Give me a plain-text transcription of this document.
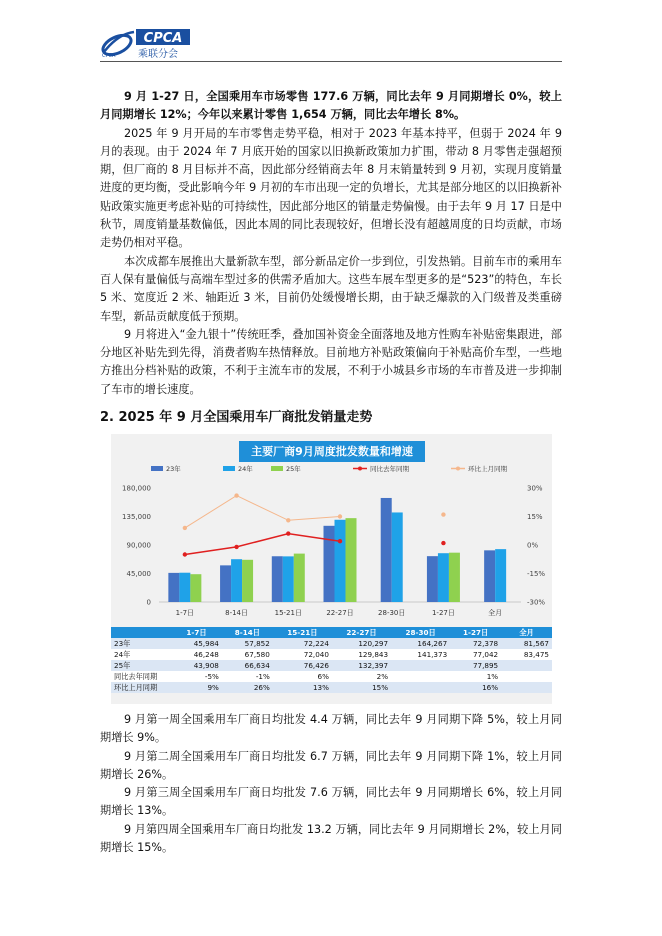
CPCA
CPCA
乘联分会

9 月 1-27 日，全国乘用车市场零售 177.6 万辆，同比去年 9 月同期增长 0%，较上月同期增长 12%；今年以来累计零售 1,654 万辆，同比去年增长 8%。

2025 年 9 月开局的车市零售走势平稳，相对于 2023 年基本持平，但弱于 2024 年 9 月的表现。由于 2024 年 7 月底开始的国家以旧换新政策加力扩围，带动 8 月零售走强超预期，但厂商的 8 月目标并不高，因此部分经销商去年 8 月末销量转到 9 月初，实现月度销量进度的更均衡，受此影响今年 9 月初的车市出现一定的负增长，尤其是部分地区的以旧换新补贴政策实施更考虑补贴的可持续性，因此部分地区的销量走势偏慢。由于去年 9 月 17 日是中秋节，周度销量基数偏低，因此本周的同比表现较好，但增长没有超越周度的日均贡献，市场走势仍相对平稳。

本次成都车展推出大量新款车型，部分新品定价一步到位，引发热销。目前车市的乘用车百人保有量偏低与高端车型过多的供需矛盾加大。这些车展车型更多的是“523”的特色，车长 5 米、宽度近 2 米、轴距近 3 米，目前仍处缓慢增长期，由于缺乏爆款的入门级普及类重磅车型，新品贡献度低于预期。

9 月将进入“金九银十”传统旺季，叠加国补资金全面落地及地方性购车补贴密集跟进，部分地区补贴先到先得，消费者购车热情释放。目前地方补贴政策偏向于补贴高价车型，一些地方推出分档补贴的政策，不利于主流车市的发展，不利于小城县乡市场的车市普及进一步抑制了车市的增长速度。

2. 2025 年 9 月全国乘用车厂商批发销量走势
23年	24年	25年	同比去年同期	环比上月同期
0
45,000
90,000
135,000
180,000
-30%
-15%
0%
15%
30%
1-7日	8-14日	15-21日	22-27日	28-30日	1-27日	全月
主要厂商9月周度批发数量和增速
	1-7日	8-14日	15-21日	22-27日	28-30日	1-27日	全月
23年	45,984	57,852	72,224	120,297	164,267	72,378	81,567
24年	46,248	67,580	72,040	129,843	141,373	77,042	83,475
25年	43,908	66,634	76,426	132,397		77,895	
同比去年同期	-5%	-1%	6%	2%		1%	
环比上月同期	9%	26%	13%	15%		16%	

9 月第一周全国乘用车厂商日均批发 4.4 万辆，同比去年 9 月同期下降 5%，较上月同期增长 9%。

9 月第二周全国乘用车厂商日均批发 6.7 万辆，同比去年 9 月同期下降 1%，较上月同期增长 26%。

9 月第三周全国乘用车厂商日均批发 7.6 万辆，同比去年 9 月同期增长 6%，较上月同期增长 13%。

9 月第四周全国乘用车厂商日均批发 13.2 万辆，同比去年 9 月同期增长 2%，较上月同期增长 15%。
